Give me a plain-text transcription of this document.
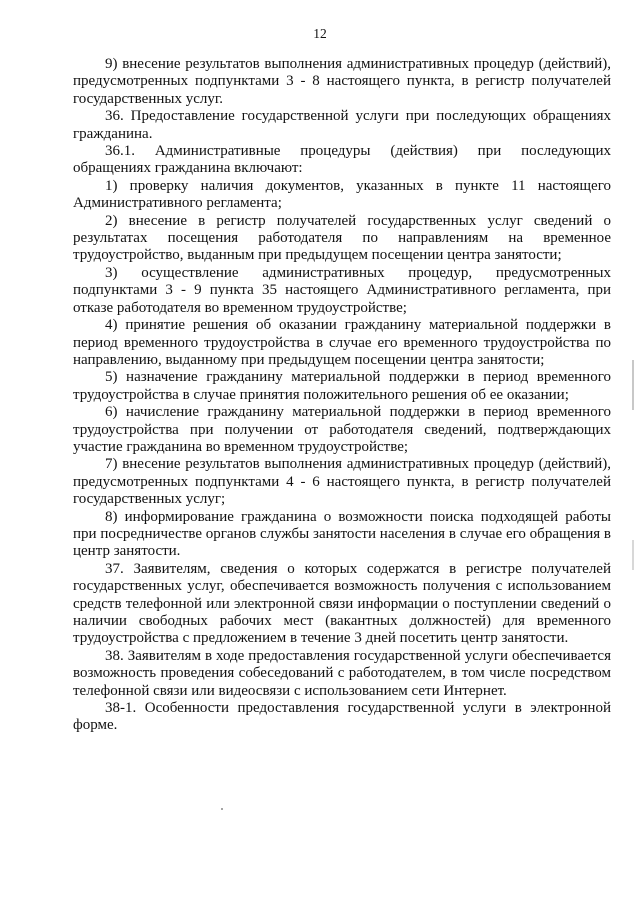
12

9) внесение результатов выполнения административных процедур (действий), предусмотренных подпунктами 3 - 8 настоящего пункта, в регистр получателей государственных услуг.

36. Предоставление государственной услуги при последующих обращениях гражданина.

36.1. Административные процедуры (действия) при последующих обращениях гражданина включают:

1) проверку наличия документов, указанных в пункте 11 настоящего Административного регламента;

2) внесение в регистр получателей государственных услуг сведений о результатах посещения работодателя по направлениям на временное трудоустройство, выданным при предыдущем посещении центра занятости;

3) осуществление административных процедур, предусмотренных подпунктами 3 - 9 пункта 35 настоящего Административного регламента, при отказе работодателя во временном трудоустройстве;

4) принятие решения об оказании гражданину материальной поддержки в период временного трудоустройства в случае его временного трудоустройства по направлению, выданному при предыдущем посещении центра занятости;

5) назначение гражданину материальной поддержки в период временного трудоустройства в случае принятия положительного решения об ее оказании;

6) начисление гражданину материальной поддержки в период временного трудоустройства при получении от работодателя сведений, подтверждающих участие гражданина во временном трудоустройстве;

7) внесение результатов выполнения административных процедур (действий), предусмотренных подпунктами 4 - 6 настоящего пункта, в регистр получателей государственных услуг;

8) информирование гражданина о возможности поиска подходящей работы при посредничестве органов службы занятости населения в случае его обращения в центр занятости.

37. Заявителям, сведения о которых содержатся в регистре получателей государственных услуг, обеспечивается возможность получения с использованием средств телефонной или электронной связи информации о поступлении сведений о наличии свободных рабочих мест (вакантных должностей) для временного трудоустройства с предложением в течение 3 дней посетить центр занятости.

38. Заявителям в ходе предоставления государственной услуги обеспечивается возможность проведения собеседований с работодателем, в том числе посредством телефонной связи или видеосвязи с использованием сети Интернет.

38-1. Особенности предоставления государственной услуги в электронной форме.
